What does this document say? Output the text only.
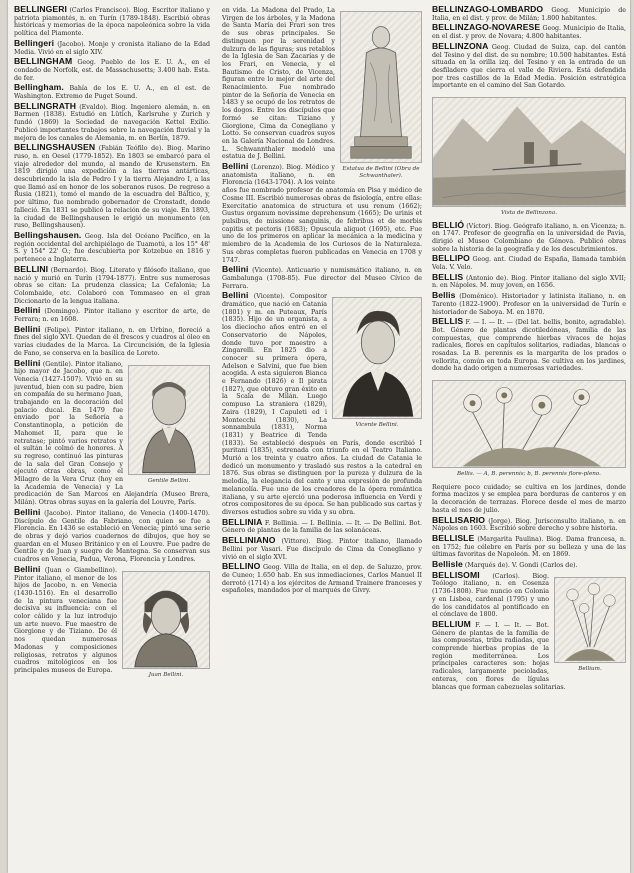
BELLINGERI (Carlos Francisco). Biog. Escritor italiano y patriota piamontés, n. en Turín (1789-1848). Escribió obras históricas y memorias de la época napoleónica sobre la vida política del Piamonte.

Bellingeri (Jacobo). Monje y cronista italiano de la Edad Media. Vivió en el siglo XIV.

BELLINGHAM Geog. Pueblo de los E. U. A., en el condado de Norfolk, est. de Massachusetts; 3.400 hab. Esta. de fer.

Bellingham. Bahía de los E. U. A., en el est. de Washington. Extremo de Puget Sound.

BELLINGRATH (Evaldo). Biog. Ingeniero alemán, n. en Barmen (1838). Estudió en Lütich, Karlsruhe y Zurich y fundó (1869) la Sociedad de navegación Kettel Exilio. Publicó importantes trabajos sobre la navegación fluvial y la mejora de los canales de Alemania, m. en Berlín, 1879.

BELLINGSHAUSEN (Fabián Teófilo de). Biog. Marino ruso, n. en Oesel (1779-1852). En 1803 se embarcó para el viaje alrededor del mundo, al mando de Krusenstern. En 1819 dirigió una expedición a las tierras antárticas, descubriendo la isla de Pedro I y la tierra Alejandro I, a las que llamó así en honor de los soberanos rusos. De regreso a Rusia (1821), tomó el mando de la escuadra del Báltico, y, por último, fue nombrado gobernador de Cronstadt, donde falleció. En 1831 se publicó la relación de su viaje. En 1893, la ciudad de Bellingshausen le erigió un monumento (en ruso, Bellingshausen).

Bellingshausen. Geog. Isla del Océano Pacífico, en la región occidental del archipiélago de Tuamotú, a los 15° 48' S. y 154° 22' O.; fue descubierta por Kotzebue en 1816 y pertenece a Inglaterra.

BELLINI (Bernardo). Biog. Literato y filósofo italiano, que nació y murió en Turín (1794-1877). Entre sus numerosas obras se citan: La prudenza classica; La Cefalonia; La Colombaide, etc. Colaboró con Tommaseo en el gran Diccionario de la lengua italiana.

Bellini (Domingo). Pintor italiano y escritor de arte, de Ferrara; n. en 1608.

Bellini (Felipe). Pintor italiano, n. en Urbino, floreció a fines del siglo XVI. Quedan de él frescos y cuadros al óleo en varias ciudades de la Marca. La Circuncisión, de la Iglesia de Fano, se conserva en la basílica de Loreto.

Gentile Bellini.

Bellini (Gentile). Pintor italiano, hijo mayor de Jacobo, que n. en Venecia (1427-1507). Vivió en su juventud, bien con su padre, bien en compañía de su hermano Juan, trabajando en la decoración del palacio ducal. En 1479 fue enviado por la Señoría a Constantinopla, a petición de Mahomet II, para que le retratase; pintó varios retratos y el sultán le colmó de honores. A su regreso, continuó las pinturas de la sala del Gran Consejo y ejecutó otras obras, como el Milagro de la Vera Cruz (hoy en la Academia de Venecia) y La predicación de San Marcos en Alejandría (Museo Brera, Milán). Otras obras suyas en la galería del Louvre, París.

Bellini (Jacobo). Pintor italiano, de Venecia (1400-1470). Discípulo de Gentile da Fabriano, con quien se fue a Florencia. En 1436 se estableció en Venecia; pintó una serie de obras y dejó varios cuadernos de dibujos, que hoy se guardan en el Museo Británico y en el Louvre. Fue padre de Gentile y de Juan y suegro de Mantegna. Se conservan sus cuadros en Venecia, Padua, Verona, Florencia y Londres.

Juan Bellini.

Bellini (Juan o Giambellino). Pintor italiano, el menor de los hijos de Jacobo, n. en Venecia (1430-1516). En el desarrollo de la pintura veneciana fue decisiva su influencia: con el color cálido y la luz introdujo un arte nuevo. Fue maestro de Giorgione y de Tiziano. De él nos quedan numerosas Madonas y composiciones religiosas, retratos y algunos cuadros mitológicos en los principales museos de Europa.

Estatua de Bellini (Obra de Schwanthaler).

en vida. La Madona del Prado, La Virgen de los árboles, y la Madona de Santa María dei Frari son tres de sus obras principales. Se distinguen por la serenidad y dulzura de las figuras; sus retablos de la Iglesia de San Zacarías y de los Frari, en Venecia, y el Bautismo de Cristo, de Vicenza, figuran entre lo mejor del arte del Renacimiento. Fue nombrado pintor de la Señoría de Venecia en 1483 y se ocupó de los retratos de los dogos. Entre los discípulos que formó se citan: Tiziano y Giorgione, Cima da Conegliano y Lotto. Se conservan cuadros suyos en la Galería Nacional de Londres. L. Schwannthaler modeló una estatua de J. Bellini.

Bellini (Lorenzo). Biog. Médico y anatomista italiano, n. en Florencia (1643-1704). A los veinte años fue nombrado profesor de anatomía en Pisa y médico de Cosme III. Escribió numerosas obras de fisiología, entre ellas: Exercitatio anatomica de structura et usu renum (1662); Gustus organum novissime deprehensum (1665); De urinis et pulsibus, de missione sanguinis, de febribus et de morbis capitis et pectoris (1683); Opuscula aliquot (1695), etc. Fue uno de los primeros en aplicar la mecánica a la medicina y miembro de la Academia de los Curiosos de la Naturaleza. Sus obras completas fueron publicadas en Venecia en 1708 y 1747.

Bellini (Vicente). Anticuario y numismático italiano, n. en Gambalunga (1708-85). Fue director del Museo Cívico de Ferrara.

Vicente Bellini.

Bellini (Vicente). Compositor dramático, que nació en Catania (1801) y m. en Puteaux, París (1835). Hijo de un organista, a los dieciocho años entró en el Conservatorio de Nápoles, donde tuvo por maestro a Zingarelli. En 1825 dio a conocer su primera ópera, Adelson e Salvini, que fue bien acogida. A esta siguieron Bianca e Fernando (1826) e Il pirata (1827), que obtuvo gran éxito en la Scala de Milán. Luego compuso La straniera (1829), Zaira (1829), I Capuleti ed i Montecchi (1830), La sonnambula (1831), Norma (1831) y Beatrice di Tenda (1833). Se estableció después en París, donde escribió I puritani (1835), estrenada con triunfo en el Teatro Italiano. Murió a los treinta y cuatro años. La ciudad de Catania le dedicó un monumento y trasladó sus restos a la catedral en 1876. Sus obras se distinguen por la pureza y dulzura de la melodía, la elegancia del canto y una expresión de profunda melancolía. Fue uno de los creadores de la ópera romántica italiana, y su arte ejerció una poderosa influencia en Verdi y otros compositores de su época. Se han publicado sus cartas y diversos estudios sobre su vida y su obra.

BELLINIA F. Bellinia. — I. Bellinia. — It. — De Bellini. Bot. Género de plantas de la familia de las solanáceas.

BELLINIANO (Vittore). Biog. Pintor italiano, llamado Bellini por Vasari. Fue discípulo de Cima da Conegliano y vivió en el siglo XVI.

BELLINO Geog. Villa de Italia, en el dep. de Saluzzo, prov. de Cuneo; 1.650 hab. En sus inmediaciones, Carlos Manuel II derrotó (1714) a los ejércitos de Armand Trainere franceses y españoles, mandados por el marqués de Givry.

BELLINZAGO-LOMBARDO Geog. Municipio de Italia, en el dist. y prov. de Milán; 1.800 habitantes.

BELLINZAGO-NOVARESE Geog. Municipio de Italia, en el dist. y prov. de Novara; 4.800 habitantes.

BELLINZONA Geog. Ciudad de Suiza, cap. del cantón del Tesino y del dist. de su nombre; 10.500 habitantes. Está situada en la orilla izq. del Tesino y en la entrada de un desfiladero que cierra el valle de Riviera. Está defendida por tres castillos de la Edad Media. Posición estratégica importante en el camino del San Gotardo.

Vista de Bellinzona.

BELLIÓ (Víctor). Biog. Geógrafo italiano, n. en Vicenza; n. en 1747. Profesor de geografía en la universidad de Pavía, dirigió el Museo Colombiano de Génova. Publicó obras sobre la historia de la geografía y de los descubrimientos.

BELLIPO Geog. ant. Ciudad de España, llamada también Vela. V. Velo.

BELLIS (Antonio de). Biog. Pintor italiano del siglo XVII; n. en Nápoles. M. muy joven, en 1656.

Bellis (Doménico). Historiador y latinista italiano, n. en Tarento (1822-1900). Profesor en la universidad de Turín e historiador de Saboya. M. en 1870.

BELLIS F. — I. — It. — (Del lat. bellis, bonito, agradable). Bot. Género de plantas dicotiledóneas, familia de las compuestas, que comprende hierbas vivaces de hojas radicales, flores en capítulos solitarios, radiadas, blancas o rosadas. La B. perennis es la margarita de los prados o vellorita, común en toda Europa. Se cultiva en los jardines, donde ha dado origen a numerosas variedades.

Bellis. — A, B. perennis; b, B. perennis flore-pleno.

Requiere poco cuidado; se cultiva en los jardines, donde forma macizos y se emplea para borduras de canteros y en la decoración de terrazas. Florece desde el mes de marzo hasta el mes de julio.

BELLISARIO (Jorge). Biog. Jurisconsulto italiano, n. en Nápoles en 1603. Escribió sobre derecho y sobre historia.

BELLISLE (Margarita Paulina). Biog. Dama francesa, n. en 1752; fue célebre en París por su belleza y una de las últimas favoritas de Napoleón. M. en 1869.

Bellisle (Marqués de). V. Gondi (Carlos de).

Bellium.

BELLISOMI (Carlos). Biog. Teólogo italiano, n. en Cosenza (1736-1808). Fue nuncio en Colonia y en Lisboa, cardenal (1795) y uno de los candidatos al pontificado en el cónclave de 1800.

BELLIUM F. — I. — It. — Bot. Género de plantas de la familia de las compuestas, tribu radiadas, que comprende hierbas propias de la región mediterránea. Los principales caracteres son: hojas radicales, largamente pecioladas, enteras, con flores de lígulas blancas que forman cabezuelas solitarias.
